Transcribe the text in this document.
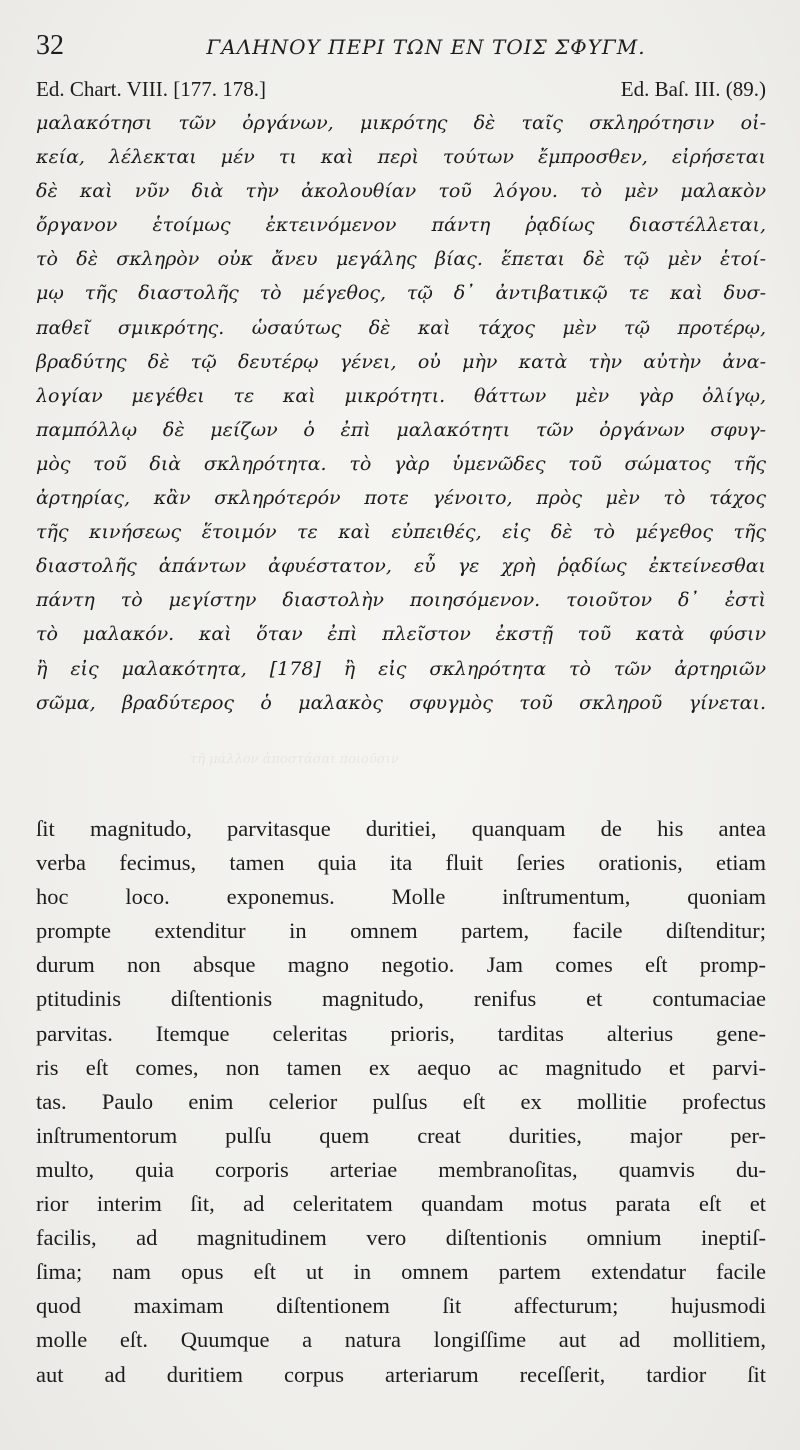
32	ΓΑΛΗΝΟΥ ΠΕΡΙ ΤΩΝ ΕΝ ΤΟΙΣ ΣΦΥΓΜ.
Ed. Chart. VIII. [177. 178.]	Ed. Baſ. III. (89.)
μαλακότησι τῶν ὀργάνων, μικρότης δὲ ταῖς σκληρότησιν οἰ-
κεία, λέλεκται μέν τι καὶ περὶ τούτων ἔμπροσθεν, εἰρήσεται
δὲ καὶ νῦν διὰ τὴν ἀκολουθίαν τοῦ λόγου. τὸ μὲν μαλακὸν
ὄργανον ἑτοίμως ἐκτεινόμενον πάντη ῥᾳδίως διαστέλλεται,
τὸ δὲ σκληρὸν οὐκ ἄνευ μεγάλης βίας. ἕπεται δὲ τῷ μὲν ἑτοί-
μῳ τῆς διαστολῆς τὸ μέγεθος, τῷ δ᾽ ἀντιβατικῷ τε καὶ δυσ-
παθεῖ σμικρότης. ὡσαύτως δὲ καὶ τάχος μὲν τῷ προτέρῳ,
βραδύτης δὲ τῷ δευτέρῳ γένει, οὐ μὴν κατὰ τὴν αὐτὴν ἀνα-
λογίαν μεγέθει τε καὶ μικρότητι. θάττων μὲν γὰρ ὀλίγῳ,
παμπόλλῳ δὲ μείζων ὁ ἐπὶ μαλακότητι τῶν ὀργάνων σφυγ-
μὸς τοῦ διὰ σκληρότητα. τὸ γὰρ ὑμενῶδες τοῦ σώματος τῆς
ἀρτηρίας, κἂν σκληρότερόν ποτε γένοιτο, πρὸς μὲν τὸ τάχος
τῆς κινήσεως ἕτοιμόν τε καὶ εὐπειθές, εἰς δὲ τὸ μέγεθος τῆς
διαστολῆς ἁπάντων ἀφυέστατον, εὖ γε χρὴ ῥᾳδίως ἐκτείνεσθαι
πάντη τὸ μεγίστην διαστολὴν ποιησόμενον. τοιοῦτον δ᾽ ἐστὶ
τὸ μαλακόν. καὶ ὅταν ἐπὶ πλεῖστον ἐκστῇ τοῦ κατὰ φύσιν
ἢ εἰς μαλακότητα, [178] ἢ εἰς σκληρότητα τὸ τῶν ἀρτηριῶν
σῶμα, βραδύτερος ὁ μαλακὸς σφυγμὸς τοῦ σκληροῦ γίνεται.
τῆ μάλλον ἀποστάσαι ποιοῦσιν
ſit magnitudo, parvitasque duritiei, quanquam de his antea
verba fecimus, tamen quia ita fluit ſeries orationis, etiam
hoc loco. exponemus. Molle inſtrumentum, quoniam
prompte extenditur in omnem partem, facile diſtenditur;
durum non absque magno negotio. Jam comes eſt promp-
ptitudinis diſtentionis magnitudo, renifus et contumaciae
parvitas. Itemque celeritas prioris, tarditas alterius gene-
ris eſt comes, non tamen ex aequo ac magnitudo et parvi-
tas. Paulo enim celerior pulſus eſt ex mollitie profectus
inſtrumentorum pulſu quem creat durities, major per-
multo, quia corporis arteriae membranoſitas, quamvis du-
rior interim ſit, ad celeritatem quandam motus parata eſt et
facilis, ad magnitudinem vero diſtentionis omnium ineptiſ-
ſima; nam opus eſt ut in omnem partem extendatur facile
quod maximam diſtentionem ſit affecturum; hujusmodi
molle eſt. Quumque a natura longiſſime aut ad mollitiem,
aut ad duritiem corpus arteriarum receſſerit, tardior ſit
